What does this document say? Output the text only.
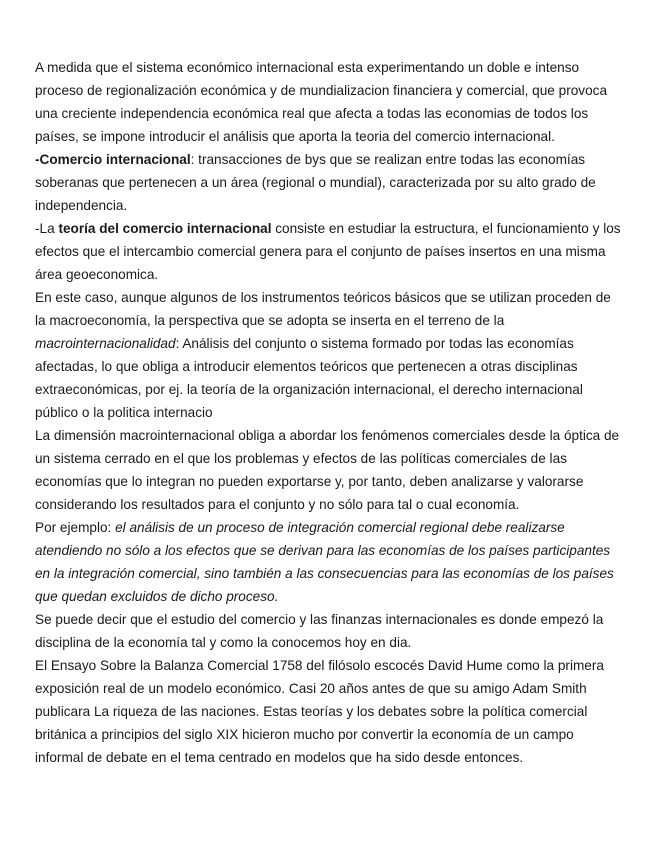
A medida que el sistema económico internacional esta experimentando un doble e intenso proceso de regionalización económica y de mundializacion financiera y comercial, que provoca una creciente independencia económica real que afecta a todas las economias de todos los países, se impone introducir el análisis que aporta la teoria del comercio internacional.

-Comercio internacional: transacciones de bys que se realizan entre todas las economías soberanas que pertenecen a un área (regional o mundial), caracterizada por su alto grado de independencia.

-La teoría del comercio internacional consiste en estudiar la estructura, el funcionamiento y los efectos que el intercambio comercial genera para el conjunto de países insertos en una misma área geoeconomica.

En este caso, aunque algunos de los instrumentos teóricos básicos que se utilizan proceden de la macroeconomía, la perspectiva que se adopta se inserta en el terreno de la macrointernacionalidad: Análisis del conjunto o sistema formado por todas las economías afectadas, lo que obliga a introducir elementos teóricos que pertenecen a otras disciplinas extraeconómicas, por ej. la teoría de la organización internacional, el derecho internacional público o la politica internacio

La dimensión macrointernacional obliga a abordar los fenómenos comerciales desde la óptica de un sistema cerrado en el que los problemas y efectos de las políticas comerciales de las economías que lo integran no pueden exportarse y, por tanto, deben analizarse y valorarse considerando los resultados para el conjunto y no sólo para tal o cual economía.

Por ejemplo: el análisis de un proceso de integración comercial regional debe realizarse atendiendo no sólo a los efectos que se derivan para las economías de los países participantes en la integración comercial, sino también a las consecuencias para las economías de los países que quedan excluidos de dicho proceso.

Se puede decir que el estudio del comercio y las finanzas internacionales es donde empezó la disciplina de la economía tal y como la conocemos hoy en dia.

El Ensayo Sobre la Balanza Comercial 1758 del filósolo escocés David Hume como la primera exposición real de un modelo económico. Casi 20 años antes de que su amigo Adam Smith publicara La riqueza de las naciones. Estas teorías y los debates sobre la política comercial británica a principios del siglo XIX hicieron mucho por convertir la economía de un campo informal de debate en el tema centrado en modelos que ha sido desde entonces.
